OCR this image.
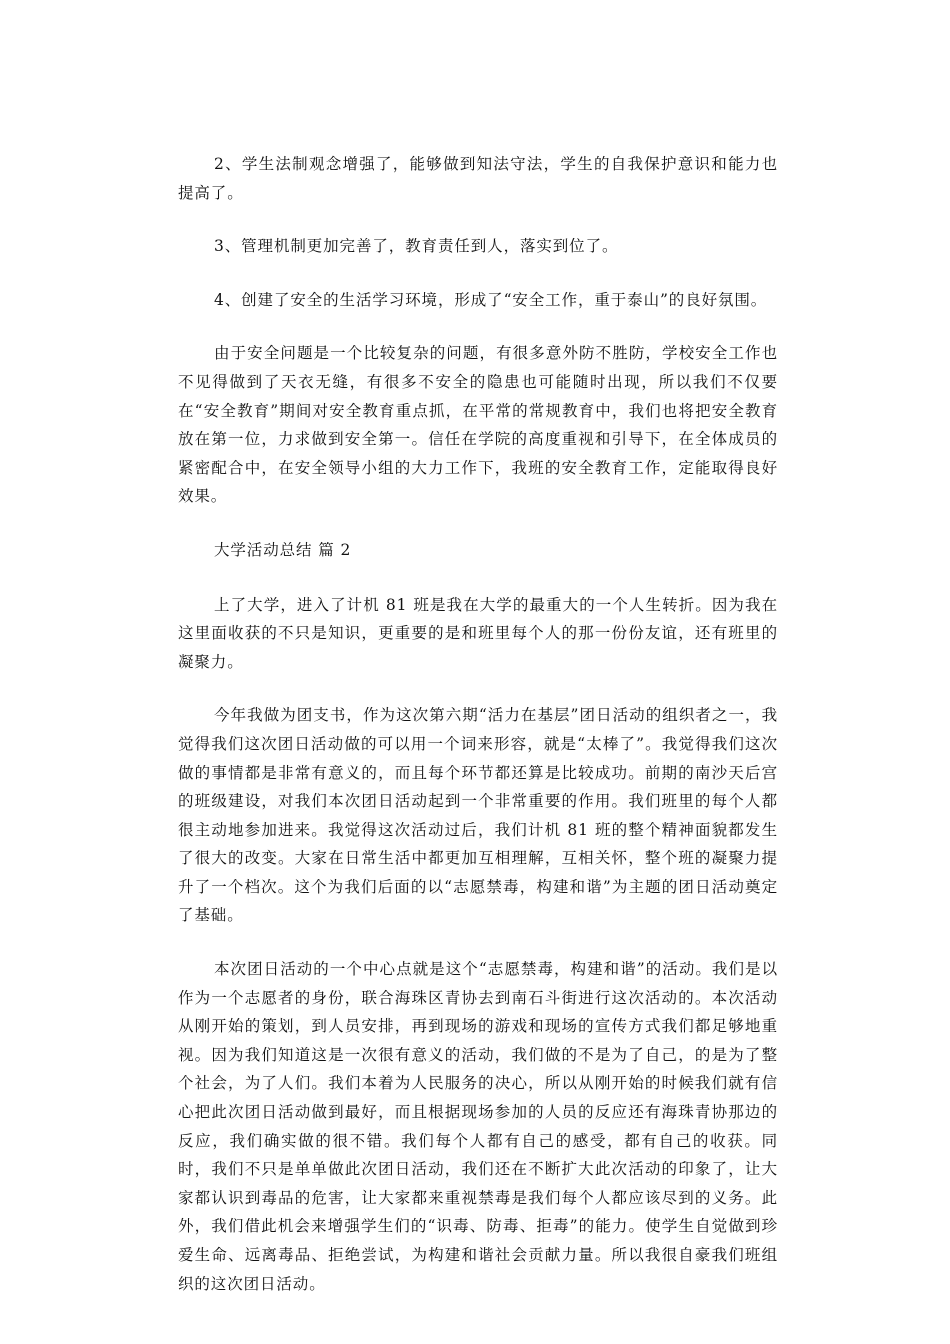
2、学生法制观念增强了，能够做到知法守法，学生的自我保护意识和能力也提高了。

3、管理机制更加完善了，教育责任到人，落实到位了。

4、创建了安全的生活学习环境，形成了“安全工作，重于泰山”的良好氛围。

由于安全问题是一个比较复杂的问题，有很多意外防不胜防，学校安全工作也不见得做到了天衣无缝，有很多不安全的隐患也可能随时出现，所以我们不仅要在“安全教育”期间对安全教育重点抓，在平常的常规教育中，我们也将把安全教育放在第一位，力求做到安全第一。信任在学院的高度重视和引导下，在全体成员的紧密配合中，在安全领导小组的大力工作下，我班的安全教育工作，定能取得良好效果。

大学活动总结 篇 2

上了大学，进入了计机 81 班是我在大学的最重大的一个人生转折。因为我在这里面收获的不只是知识，更重要的是和班里每个人的那一份份友谊，还有班里的凝聚力。

今年我做为团支书，作为这次第六期“活力在基层”团日活动的组织者之一，我觉得我们这次团日活动做的可以用一个词来形容，就是“太棒了”。我觉得我们这次做的事情都是非常有意义的，而且每个环节都还算是比较成功。前期的南沙天后宫的班级建设，对我们本次团日活动起到一个非常重要的作用。我们班里的每个人都很主动地参加进来。我觉得这次活动过后，我们计机 81 班的整个精神面貌都发生了很大的改变。大家在日常生活中都更加互相理解，互相关怀，整个班的凝聚力提升了一个档次。这个为我们后面的以“志愿禁毒，构建和谐”为主题的团日活动奠定了基础。

本次团日活动的一个中心点就是这个“志愿禁毒，构建和谐”的活动。我们是以作为一个志愿者的身份，联合海珠区青协去到南石斗街进行这次活动的。本次活动从刚开始的策划，到人员安排，再到现场的游戏和现场的宣传方式我们都足够地重视。因为我们知道这是一次很有意义的活动，我们做的不是为了自己，的是为了整个社会，为了人们。我们本着为人民服务的决心，所以从刚开始的时候我们就有信心把此次团日活动做到最好，而且根据现场参加的人员的反应还有海珠青协那边的反应，我们确实做的很不错。我们每个人都有自己的感受，都有自己的收获。同时，我们不只是单单做此次团日活动，我们还在不断扩大此次活动的印象了，让大家都认识到毒品的危害，让大家都来重视禁毒是我们每个人都应该尽到的义务。此外，我们借此机会来增强学生们的“识毒、防毒、拒毒”的能力。使学生自觉做到珍爱生命、远离毒品、拒绝尝试，为构建和谐社会贡献力量。所以我很自豪我们班组织的这次团日活动。
